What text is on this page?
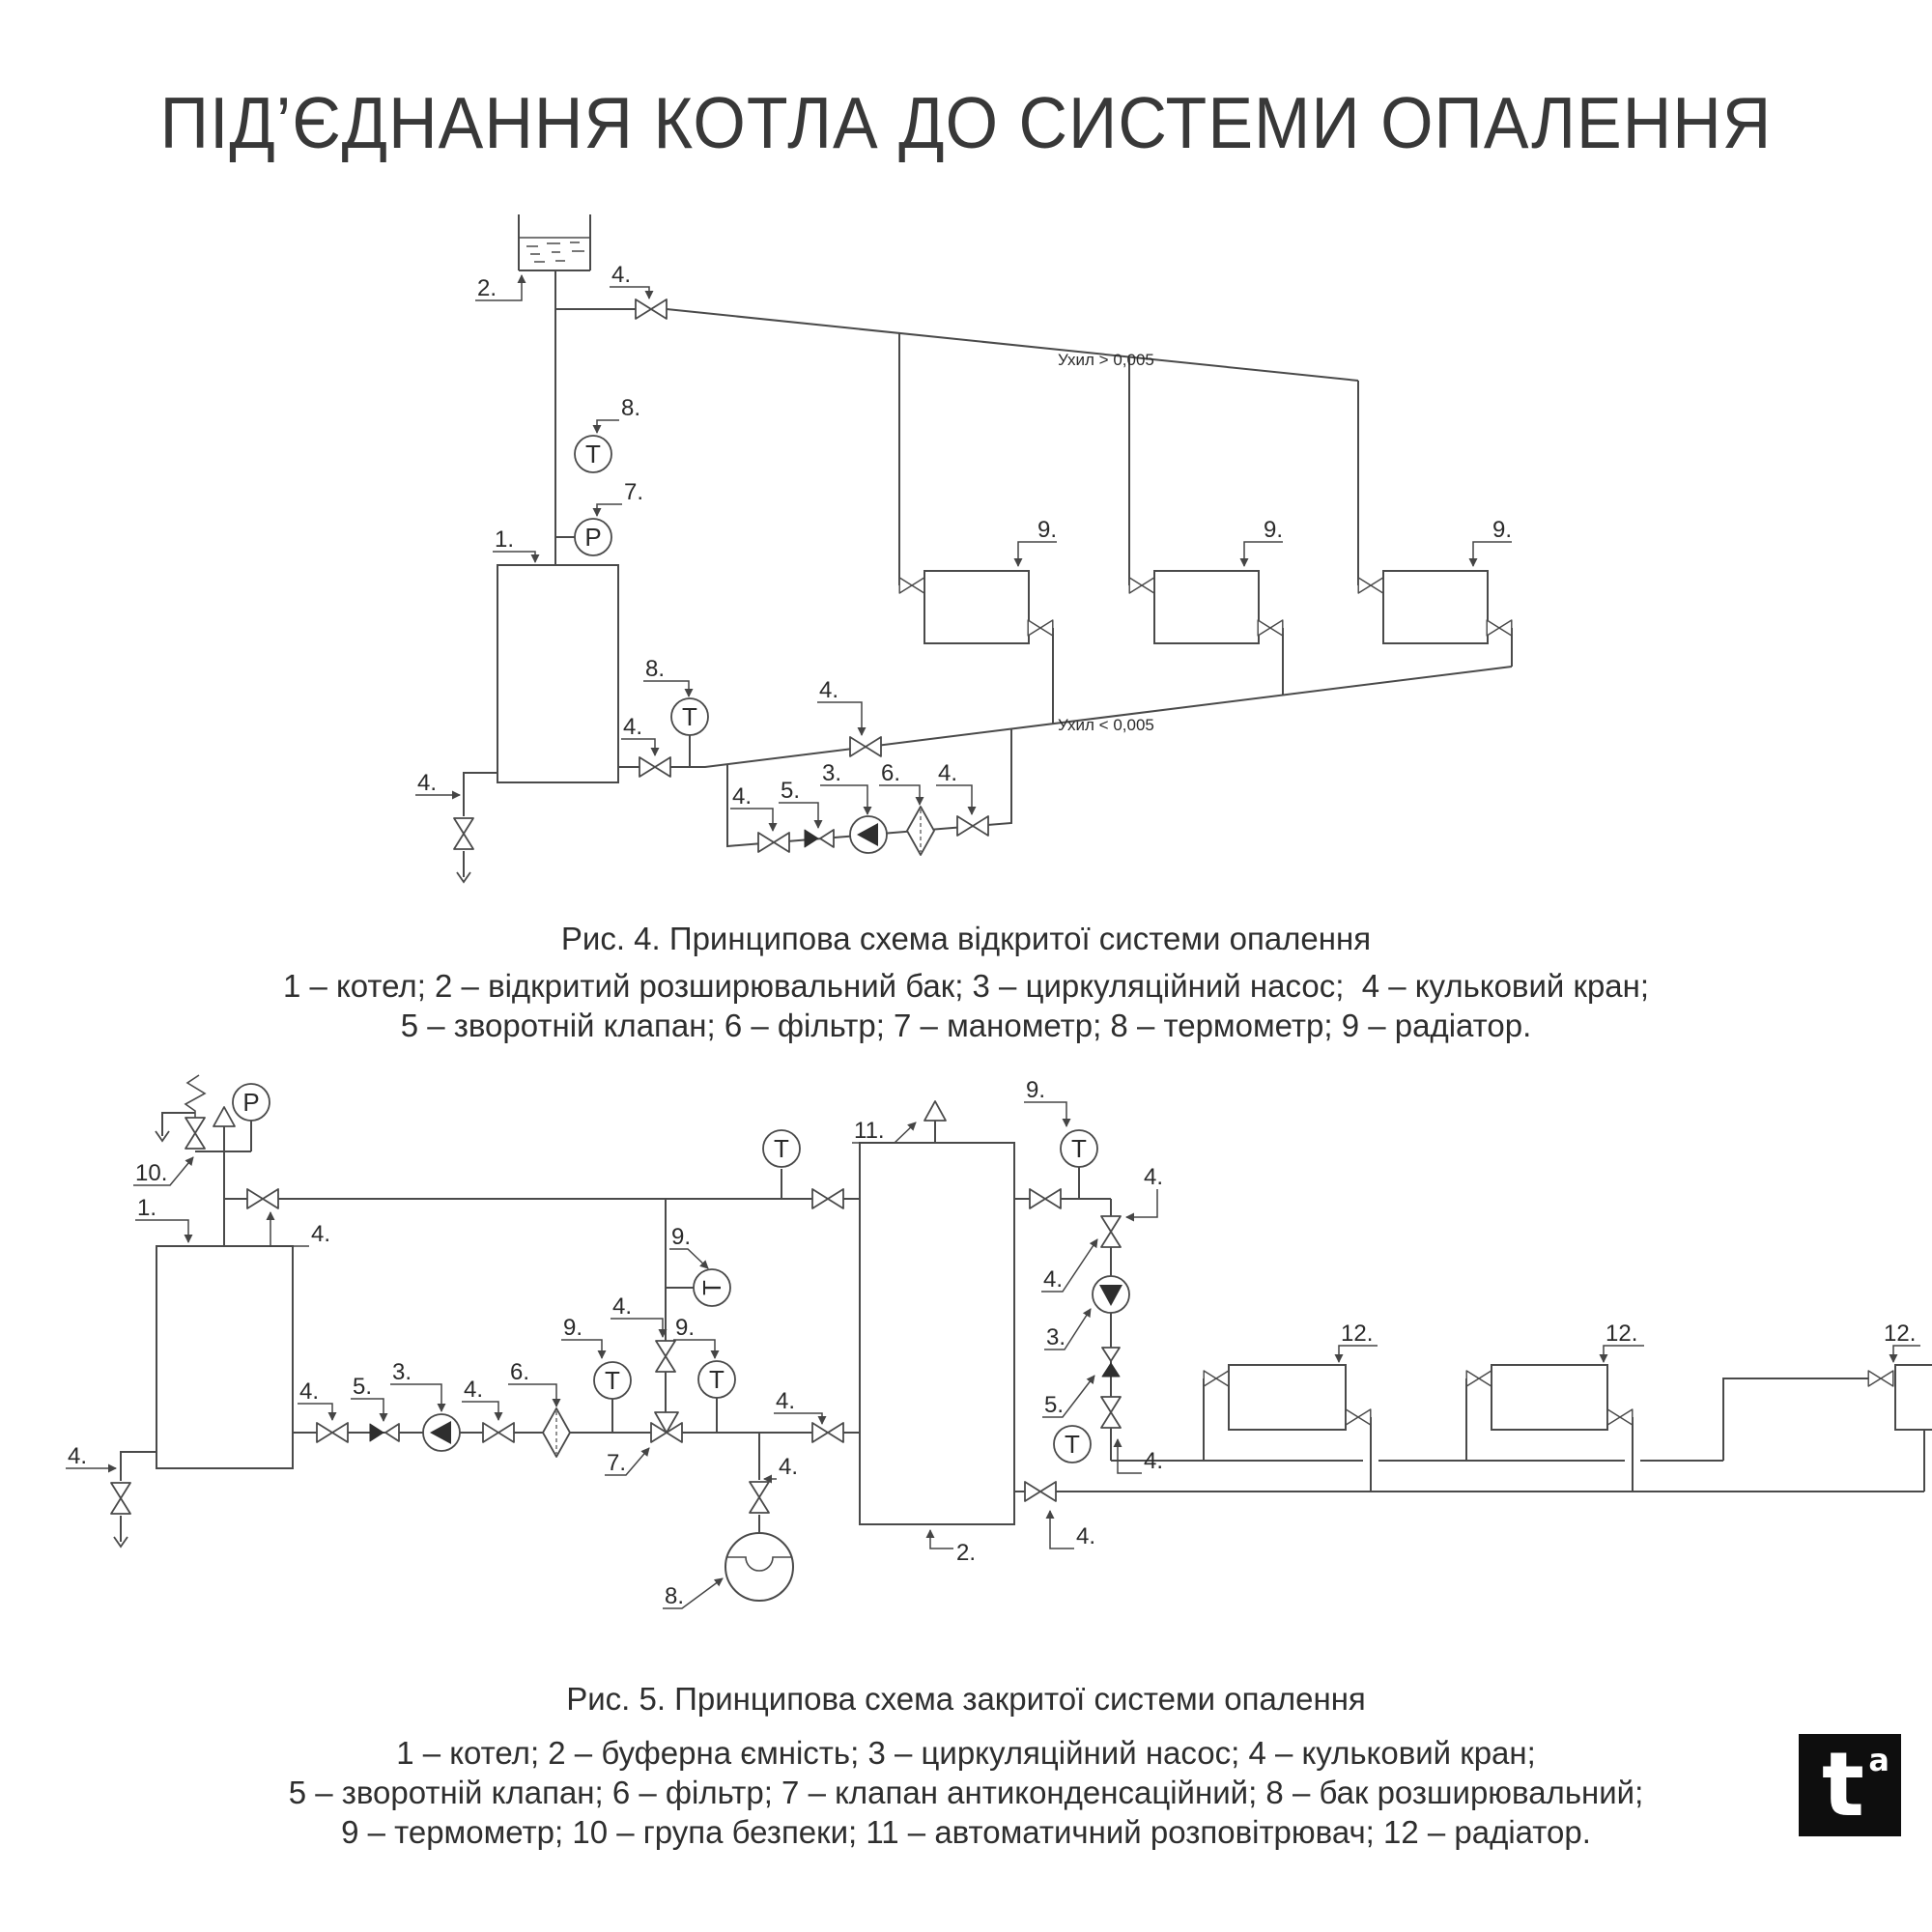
ПІД’ЄДНАННЯ КОТЛА ДО СИСТЕМИ ОПАЛЕННЯ
T
P
T
Ухил > 0,005
Ухил < 0,005
1.
2.
4.
8.
7.
4.
8.
4.
4. 5.
3. 6. 4.
4.
9.	9.	9.
P
T
T
T
T	T
T
10.
1.
4.
4.
4. 5.
3.
4.
6.
9.
4.
9.
9.
7.
4.
4.
8.
2.
9.
11.
4.
4.
3.
5.
4.
4.
12.	12.	12.
Рис. 4. Принципова схема відкритої системи опалення
1 – котел; 2 – відкритий розширювальний бак; 3 – циркуляційний насос;  4 – кульковий кран;
5 – зворотній клапан; 6 – фільтр; 7 – манометр; 8 – термометр; 9 – радіатор.
Рис. 5. Принципова схема закритої системи опалення
1 – котел; 2 – буферна ємність; 3 – циркуляційний насос; 4 – кульковий кран;
5 – зворотній клапан; 6 – фільтр; 7 – клапан антиконденсаційний; 8 – бак розширювальний;
9 – термометр; 10 – група безпеки; 11 – автоматичний розповітрювач; 12 – радіатор.	t a
